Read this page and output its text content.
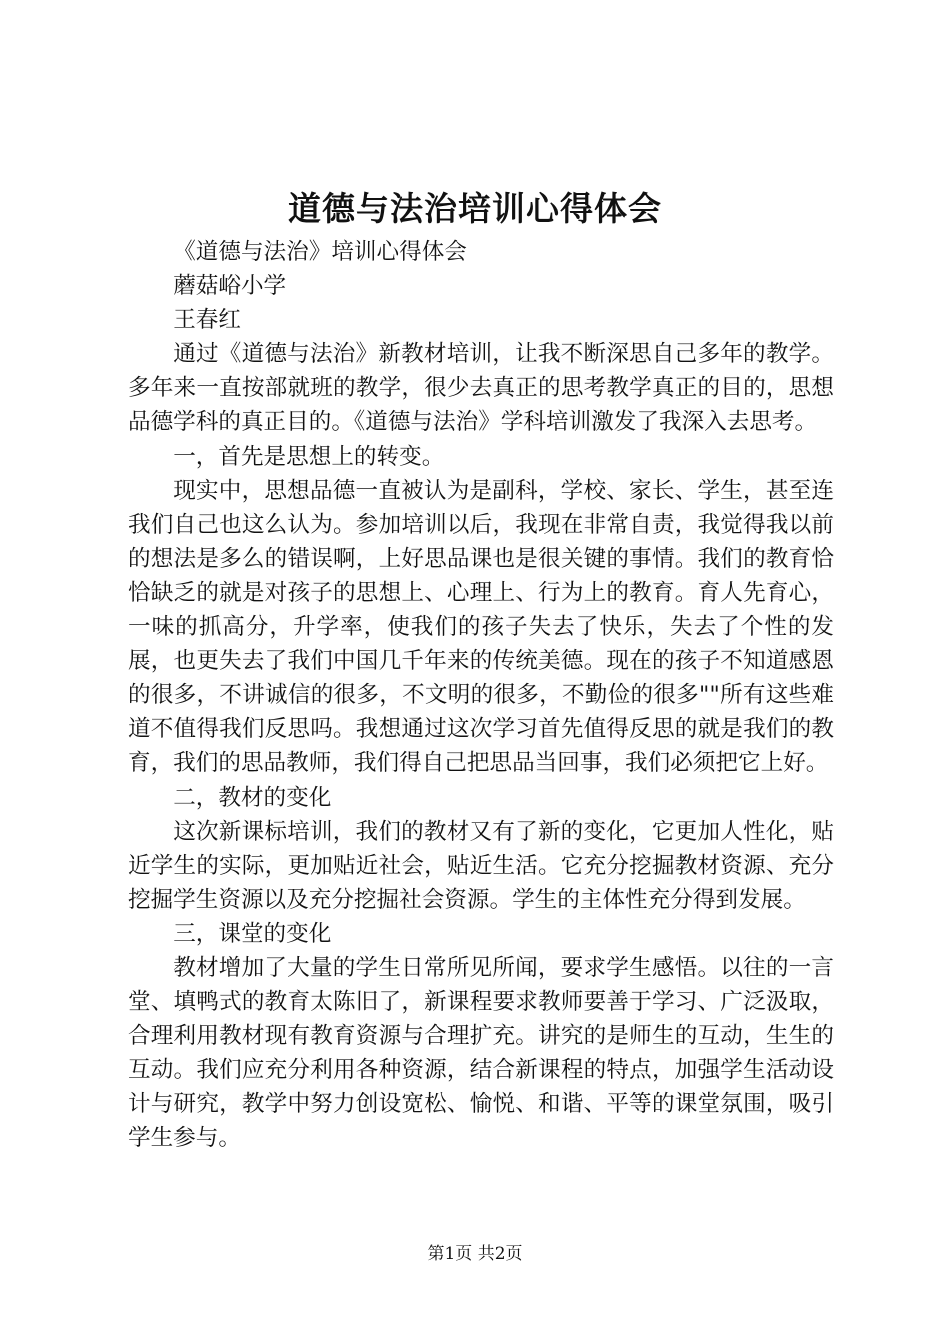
道德与法治培训心得体会

《道德与法治》培训心得体会

蘑菇峪小学

王春红

通过《道德与法治》新教材培训，让我不断深思自己多年的教学。多年来一直按部就班的教学，很少去真正的思考教学真正的目的，思想品德学科的真正目的。《道德与法治》学科培训激发了我深入去思考。

一，首先是思想上的转变。

现实中，思想品德一直被认为是副科，学校、家长、学生，甚至连我们自己也这么认为。参加培训以后，我现在非常自责，我觉得我以前的想法是多么的错误啊，上好思品课也是很关键的事情。我们的教育恰恰缺乏的就是对孩子的思想上、心理上、行为上的教育。育人先育心，一味的抓高分，升学率，使我们的孩子失去了快乐，失去了个性的发展，也更失去了我们中国几千年来的传统美德。现在的孩子不知道感恩的很多，不讲诚信的很多，不文明的很多，不勤俭的很多""所有这些难道不值得我们反思吗。我想通过这次学习首先值得反思的就是我们的教育，我们的思品教师，我们得自己把思品当回事，我们必须把它上好。

二，教材的变化

这次新课标培训，我们的教材又有了新的变化，它更加人性化，贴近学生的实际，更加贴近社会，贴近生活。它充分挖掘教材资源、充分挖掘学生资源以及充分挖掘社会资源。学生的主体性充分得到发展。

三，课堂的变化

教材增加了大量的学生日常所见所闻，要求学生感悟。以往的一言堂、填鸭式的教育太陈旧了，新课程要求教师要善于学习、广泛汲取，合理利用教材现有教育资源与合理扩充。讲究的是师生的互动，生生的互动。我们应充分利用各种资源，结合新课程的特点，加强学生活动设计与研究，教学中努力创设宽松、愉悦、和谐、平等的课堂氛围，吸引学生参与。

第1页 共2页
